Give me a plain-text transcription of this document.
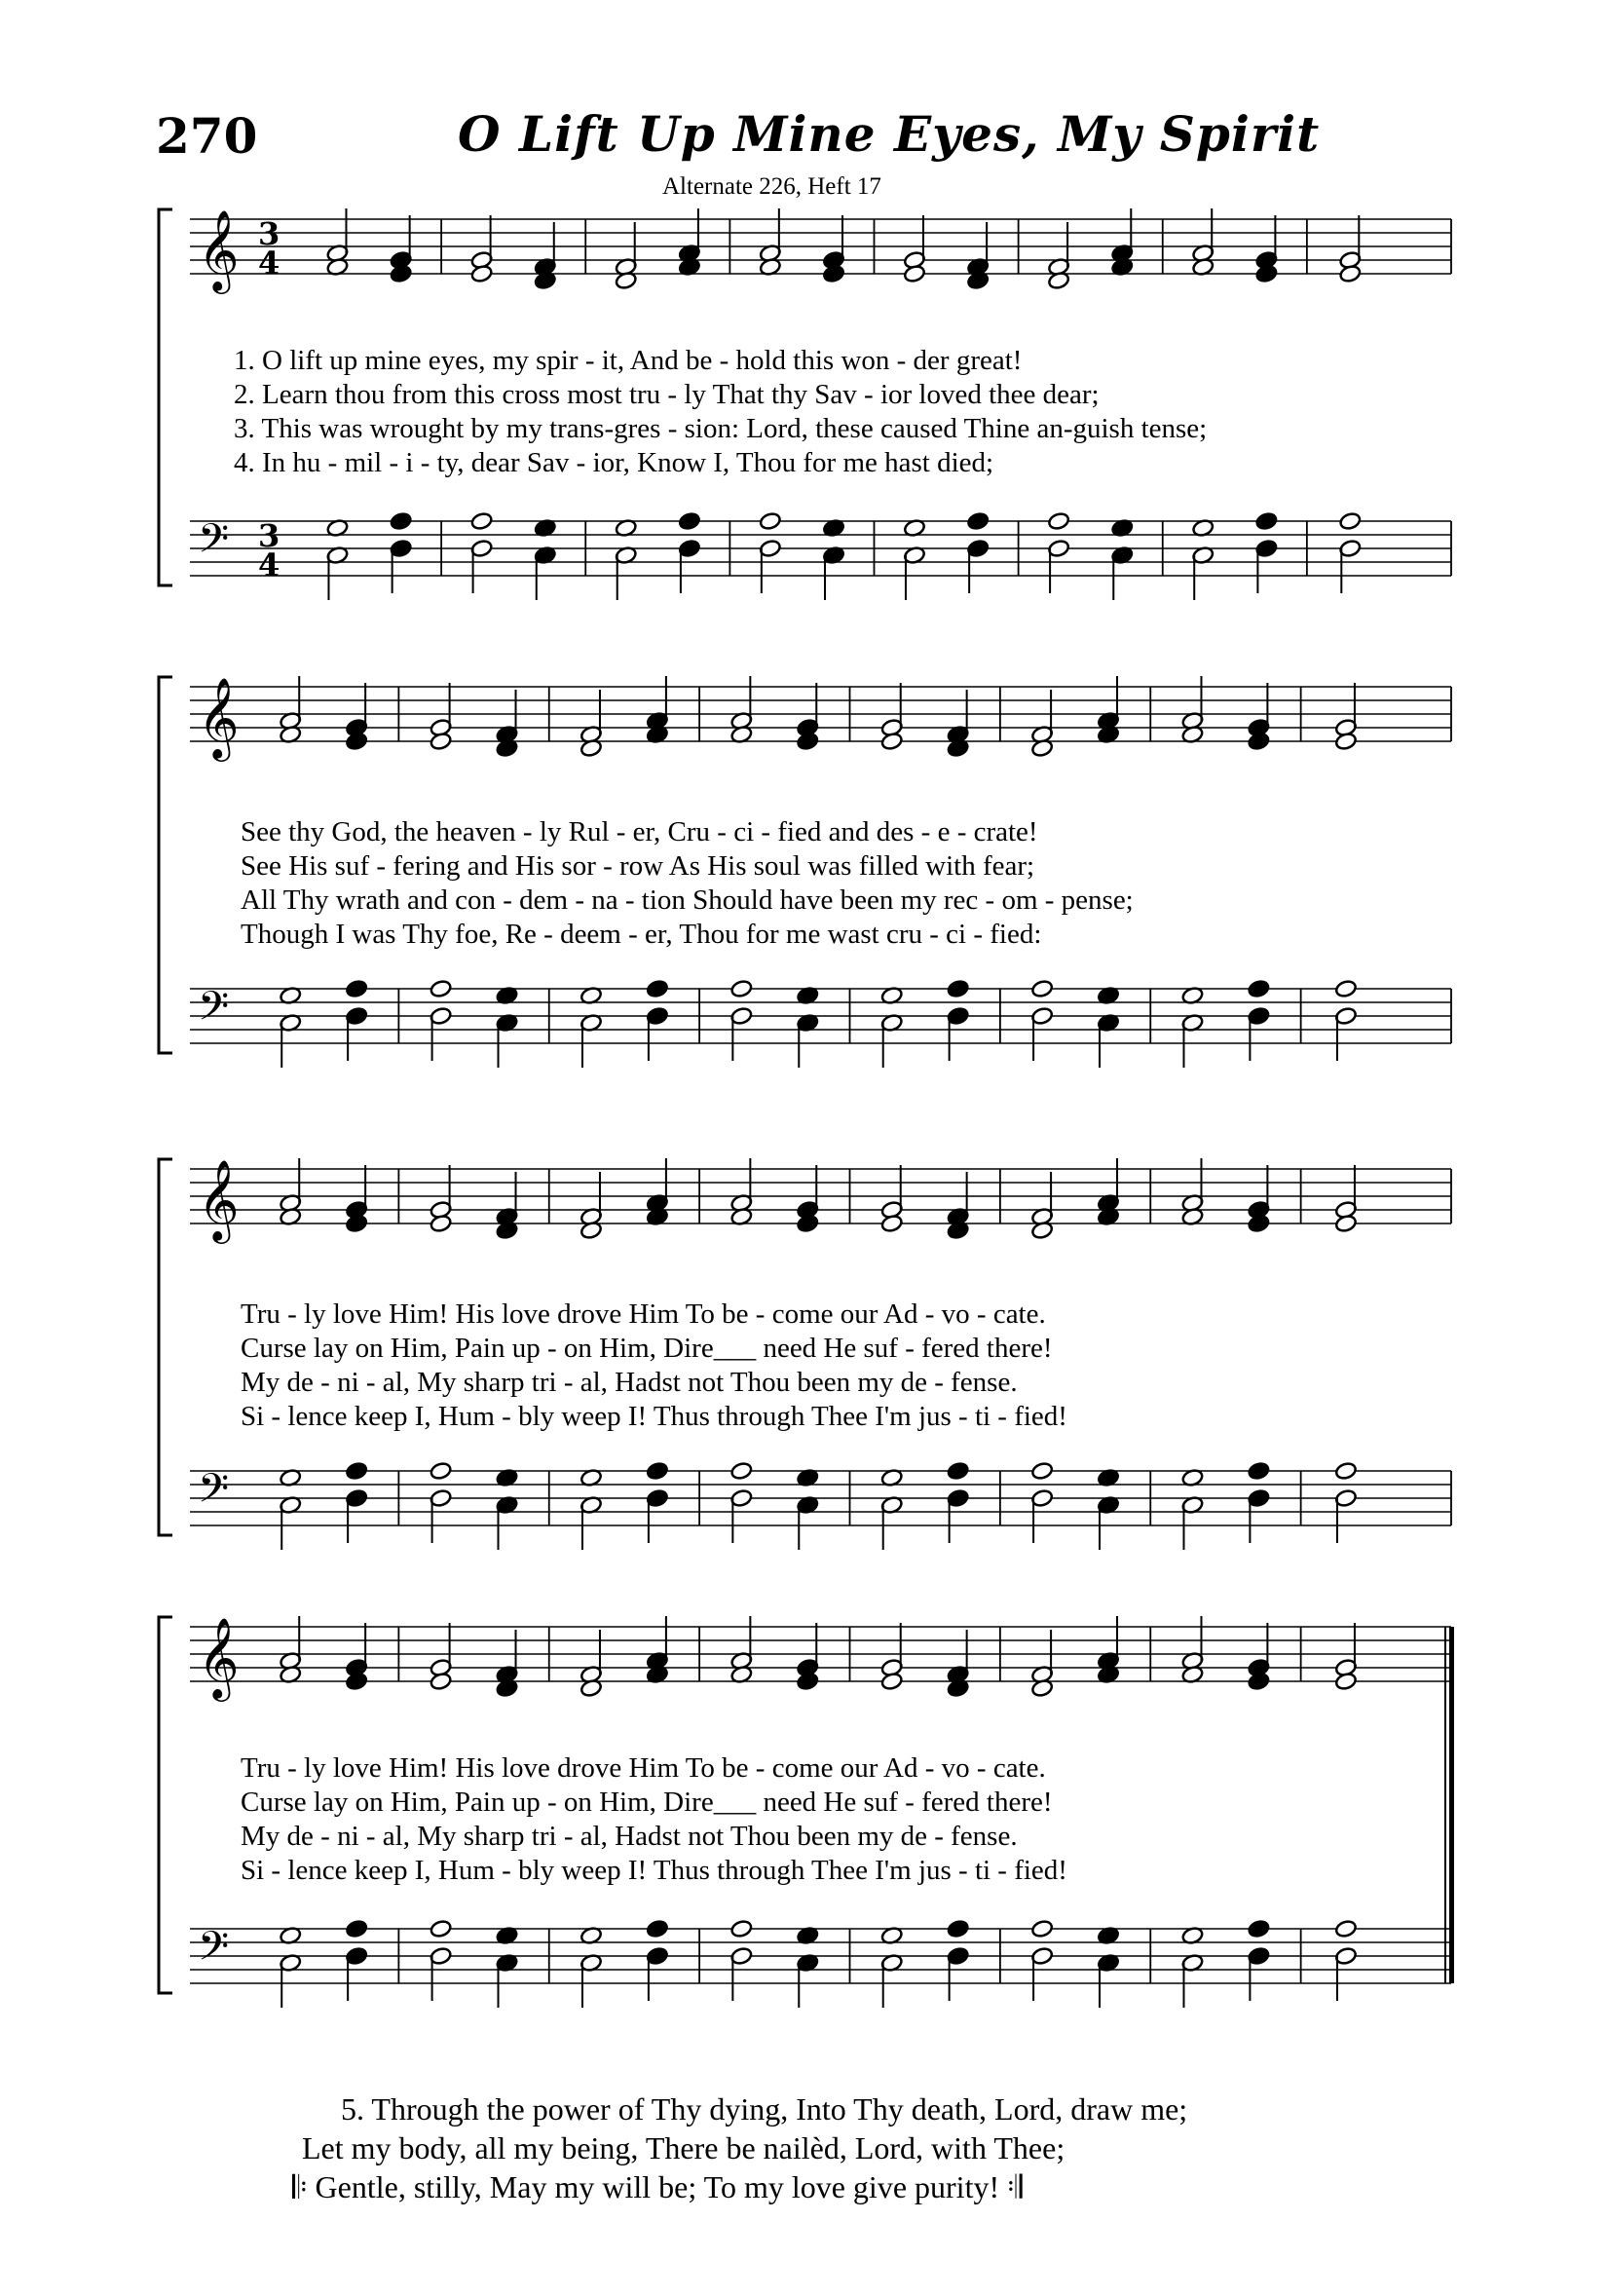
270	O Lift Up Mine Eyes, My Spirit
Alternate 226, Heft 17
𝄞 3
4
𝄢 3
4
1. O lift up mine eyes, my spir - it, And be - hold this won - der great!
2. Learn thou from this cross most tru - ly That thy Sav - ior loved thee dear;
3. This was wrought by my trans-gres - sion: Lord, these caused Thine an-guish tense;
4. In hu - mil - i - ty, dear Sav - ior, Know I, Thou for me hast died;
𝄞
𝄢
See thy God, the heaven - ly Rul - er, Cru - ci - fied and des - e - crate!
See His suf - fering and His sor - row As His soul was filled with fear;
All Thy wrath and con - dem - na - tion Should have been my rec - om - pense;
Though I was Thy foe, Re - deem - er, Thou for me wast cru - ci - fied:
𝄞
𝄢
Tru - ly love Him! His love drove Him To be - come our Ad - vo - cate.
Curse lay on Him, Pain up - on Him, Dire___ need He suf - fered there!
My de - ni - al, My sharp tri - al, Hadst not Thou been my de - fense.
Si - lence keep I, Hum - bly weep I! Thus through Thee I'm jus - ti - fied!
𝄞
𝄢
Tru - ly love Him! His love drove Him To be - come our Ad - vo - cate.
Curse lay on Him, Pain up - on Him, Dire___ need He suf - fered there!
My de - ni - al, My sharp tri - al, Hadst not Thou been my de - fense.
Si - lence keep I, Hum - bly weep I! Thus through Thee I'm jus - ti - fied!
5. Through the power of Thy dying, Into Thy death, Lord, draw me;
Let my body, all my being, There be nailèd, Lord, with Thee;
𝄆 Gentle, stilly, May my will be; To my love give purity! 𝄇
